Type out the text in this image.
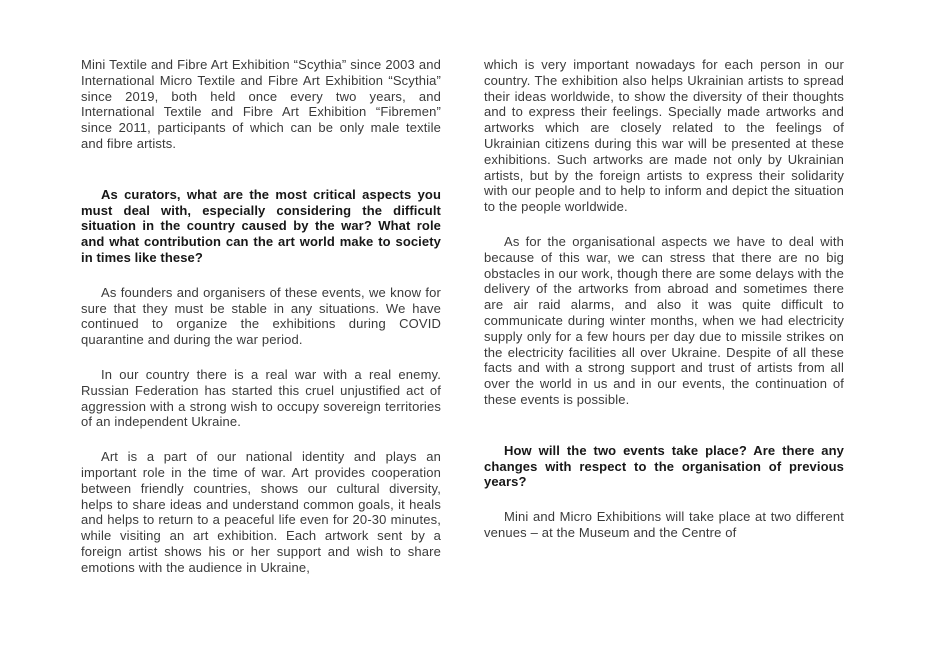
Mini Textile and Fibre Art Exhibition “Scythia” since 2003 and International Micro Textile and Fibre Art Exhibition “Scythia” since 2019, both held once every two years, and International Textile and Fibre Art Exhibition “Fibremen” since 2011, participants of which can be only male textile and fibre artists.

As curators, what are the most critical aspects you must deal with, especially considering the difficult situation in the country caused by the war? What role and what contribution can the art world make to society in times like these?

As founders and organisers of these events, we know for sure that they must be stable in any situations. We have continued to organize the exhibitions during COVID quarantine and during the war period.

In our country there is a real war with a real enemy. Russian Federation has started this cruel unjustified act of aggression with a strong wish to occupy sovereign territories of an independent Ukraine.

Art is a part of our national identity and plays an important role in the time of war. Art provides cooperation between friendly countries, shows our cultural diversity, helps to share ideas and understand common goals, it heals and helps to return to a peaceful life even for 20-30 minutes, while visiting an art exhibition. Each artwork sent by a foreign artist shows his or her support and wish to share emotions with the audience in Ukraine,

which is very important nowadays for each person in our country. The exhibition also helps Ukrainian artists to spread their ideas worldwide, to show the diversity of their thoughts and to express their feelings. Specially made artworks and artworks which are closely related to the feelings of Ukrainian citizens during this war will be presented at these exhibitions. Such artworks are made not only by Ukrainian artists, but by the foreign artists to express their solidarity with our people and to help to inform and depict the situation to the people worldwide.

As for the organisational aspects we have to deal with because of this war, we can stress that there are no big obstacles in our work, though there are some delays with the delivery of the artworks from abroad and sometimes there are air raid alarms, and also it was quite difficult to communicate during winter months, when we had electricity supply only for a few hours per day due to missile strikes on the electricity facilities all over Ukraine. Despite of all these facts and with a strong support and trust of artists from all over the world in us and in our events, the continuation of these events is possible.

How will the two events take place? Are there any changes with respect to the organisation of previous years?

Mini and Micro Exhibitions will take place at two different venues – at the Museum and the Centre of
